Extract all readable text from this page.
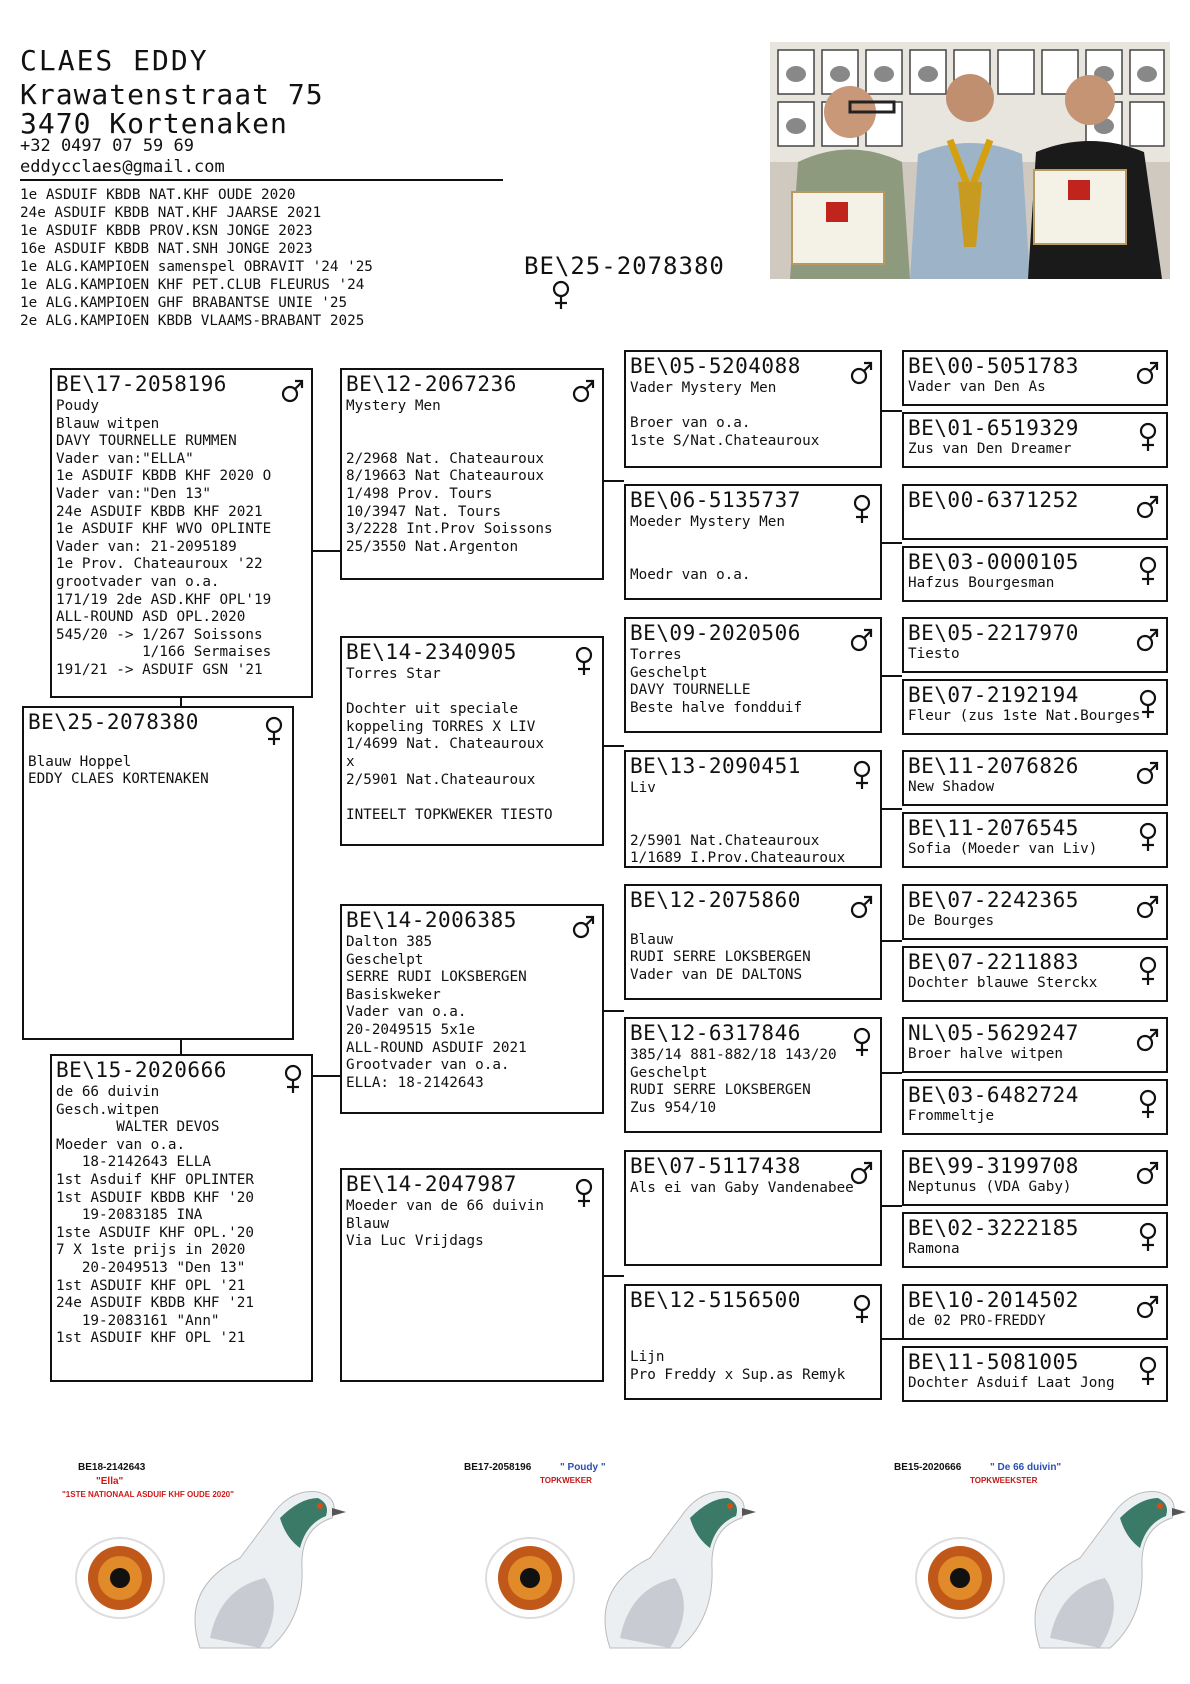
CLAES EDDY
Krawatenstraat 75
3470 Kortenaken
+32 0497 07 59 69
eddycclaes@gmail.com
1e ASDUIF KBDB NAT.KHF OUDE 2020
24e ASDUIF KBDB NAT.KHF JAARSE 2021
1e ASDUIF KBDB PROV.KSN JONGE 2023
16e ASDUIF KBDB NAT.SNH JONGE 2023
1e ALG.KAMPIOEN samenspel OBRAVIT '24 '25
1e ALG.KAMPIOEN KHF PET.CLUB FLEURUS '24
1e ALG.KAMPIOEN GHF BRABANTSE UNIE '25
2e ALG.KAMPIOEN KBDB VLAAMS-BRABANT 2025
BE\25-2078380
BE\17-2058196
Poudy
Blauw witpen
DAVY TOURNELLE RUMMEN
Vader van:"ELLA"
1e ASDUIF KBDB KHF 2020 O
Vader van:"Den 13"
24e ASDUIF KBDB KHF 2021
1e ASDUIF KHF WVO OPLINTE
Vader van: 21-2095189
1e Prov. Chateauroux '22
grootvader van o.a.
171/19 2de ASD.KHF OPL'19
ALL-ROUND ASD OPL.2020
545/20 -> 1/267 Soissons
1/166 Sermaises
191/21 -> ASDUIF GSN '21
BE\25-2078380

Blauw Hoppel
EDDY CLAES KORTENAKEN
BE\15-2020666
de 66 duivin
Gesch.witpen
WALTER DEVOS
Moeder van o.a.
18-2142643 ELLA
1st Asduif KHF OPLINTER
1st ASDUIF KBDB KHF '20
19-2083185 INA
1ste ASDUIF KHF OPL.'20
7 X 1ste prijs in 2020
20-2049513 "Den 13"
1st ASDUIF KHF OPL '21
24e ASDUIF KBDB KHF '21
19-2083161 "Ann"
1st ASDUIF KHF OPL '21
BE\12-2067236
Mystery Men

2/2968 Nat. Chateauroux
8/19663 Nat Chateauroux
1/498 Prov. Tours
10/3947 Nat. Tours
3/2228 Int.Prov Soissons
25/3550 Nat.Argenton
BE\14-2340905
Torres Star

Dochter uit speciale
koppeling TORRES X LIV
1/4699 Nat. Chateauroux
x
2/5901 Nat.Chateauroux

INTEELT TOPKWEKER TIESTO
BE\14-2006385
Dalton 385
Geschelpt
SERRE RUDI LOKSBERGEN
Basiskweker
Vader van o.a.
20-2049515 5x1e
ALL-ROUND ASDUIF 2021
Grootvader van o.a.
ELLA: 18-2142643
BE\14-2047987
Moeder van de 66 duivin
Blauw
Via Luc Vrijdags
BE\05-5204088
Vader Mystery Men

Broer van o.a.
1ste S/Nat.Chateauroux
BE\06-5135737
Moeder Mystery Men

Moedr van o.a.
BE\09-2020506
Torres
Geschelpt
DAVY TOURNELLE
Beste halve fondduif
BE\13-2090451
Liv

2/5901 Nat.Chateauroux
1/1689 I.Prov.Chateauroux
BE\12-2075860

Blauw
RUDI SERRE LOKSBERGEN
Vader van DE DALTONS
BE\12-6317846
385/14 881-882/18 143/20
Geschelpt
RUDI SERRE LOKSBERGEN
Zus 954/10
BE\07-5117438
Als ei van Gaby Vandenabee
BE\12-5156500

Lijn
Pro Freddy x Sup.as Remyk
BE\00-5051783
Vader van Den As
BE\01-6519329
Zus van Den Dreamer
BE\00-6371252

BE\03-0000105
Hafzus Bourgesman
BE\05-2217970
Tiesto
BE\07-2192194
Fleur (zus 1ste Nat.Bourges
BE\11-2076826
New Shadow
BE\11-2076545
Sofia (Moeder van Liv)
BE\07-2242365
De Bourges
BE\07-2211883
Dochter blauwe Sterckx
NL\05-5629247
Broer halve witpen
BE\03-6482724
Frommeltje
BE\99-3199708
Neptunus (VDA Gaby)
BE\02-3222185
Ramona
BE\10-2014502
de 02 PRO-FREDDY
BE\11-5081005
Dochter Asduif Laat Jong
BE18-2142643
"Ella"
"1STE NATIONAAL ASDUIF KHF OUDE 2020"
BE17-2058196	" Poudy "
TOPKWEKER
BE15-2020666	" De 66 duivin"
TOPKWEEKSTER
